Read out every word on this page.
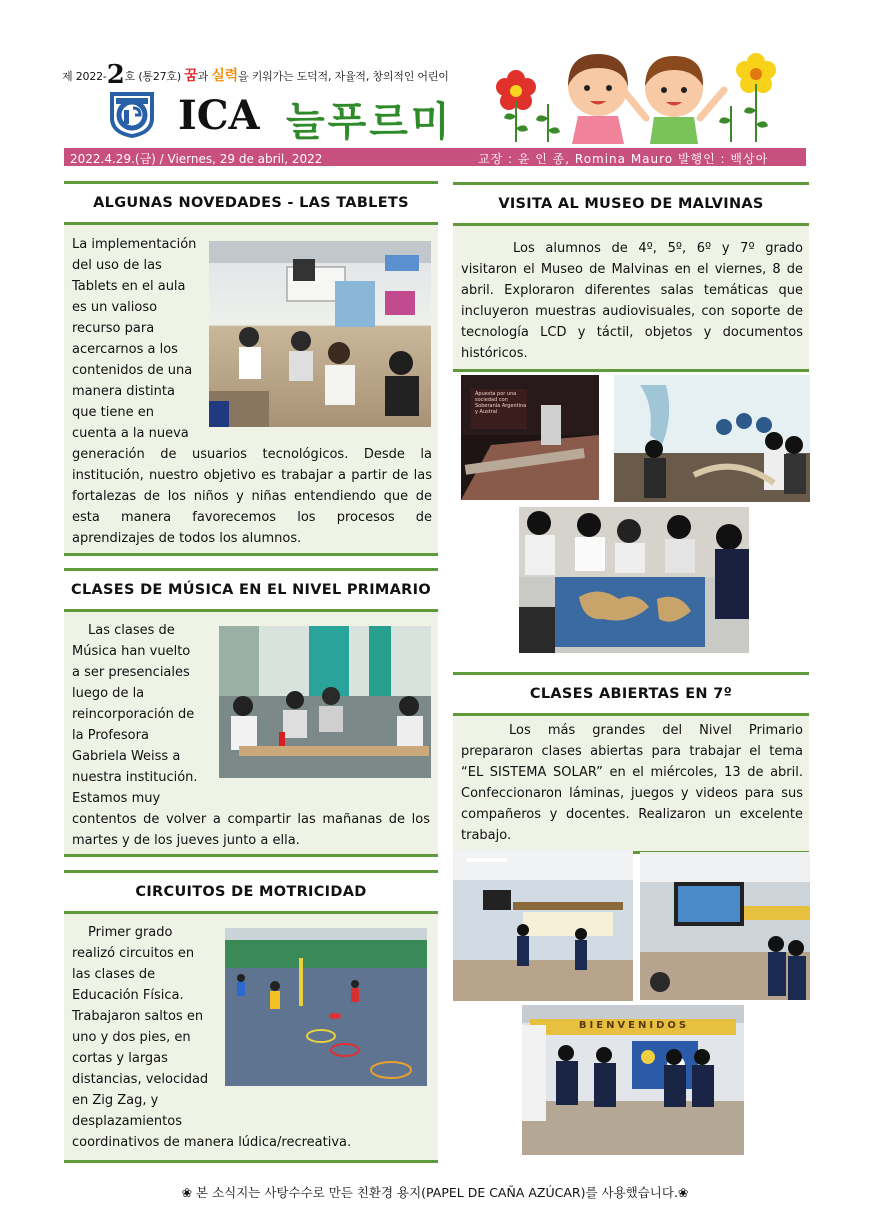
제 2022-2호 (통27호) 꿈과 실력을 키워가는 도덕적, 자율적, 창의적인 어린이
ICA 늘푸르미
2022.4.29.(금) / Viernes, 29 de abril, 2022	교장 : 윤 인 종, Romina Mauro 발행인 : 백상아
ALGUNAS NOVEDADES - LAS TABLETS
La implementación
del uso de las
Tablets en el aula
es un valioso
recurso para
acercarnos a los
contenidos de una
manera distinta
que tiene en
cuenta a la nueva
generación de usuarios tecnológicos. Desde la institución, nuestro objetivo es trabajar a partir de las fortalezas de los niños y niñas entendiendo que de esta manera favorecemos los procesos de aprendizajes de todos los alumnos.
CLASES DE MÚSICA EN EL NIVEL PRIMARIO
Las clases de
Música han vuelto
a ser presenciales
luego de la
reincorporación de
la Profesora
Gabriela Weiss a
nuestra institución.
Estamos muy
contentos de volver a compartir las mañanas de los martes y de los jueves junto a ella.
CIRCUITOS DE MOTRICIDAD
Primer grado
realizó circuitos en
las clases de
Educación Física.
Trabajaron saltos en
uno y dos pies, en
cortas y largas
distancias, velocidad
en Zig Zag, y
desplazamientos
coordinativos de manera lúdica/recreativa.
VISITA AL MUSEO DE MALVINAS
Los alumnos de 4º, 5º, 6º y 7º grado visitaron el Museo de Malvinas en el viernes, 8 de abril. Exploraron diferentes salas temáticas que incluyeron muestras audiovisuales, con soporte de tecnología LCD y táctil, objetos y documentos históricos.
Apuesta por una sociedad con Soberanía Argentina y Austral
CLASES ABIERTAS EN 7º
Los más grandes del Nivel Primario prepararon clases abiertas para trabajar el tema “EL SISTEMA SOLAR” en el miércoles, 13 de abril. Confeccionaron láminas, juegos y videos para sus compañeros y docentes. Realizaron un excelente trabajo.
BIENVENIDOS
❀ 본 소식지는 사탕수수로 만든 친환경 용지(PAPEL DE CAÑA AZÚCAR)를 사용했습니다.❀
